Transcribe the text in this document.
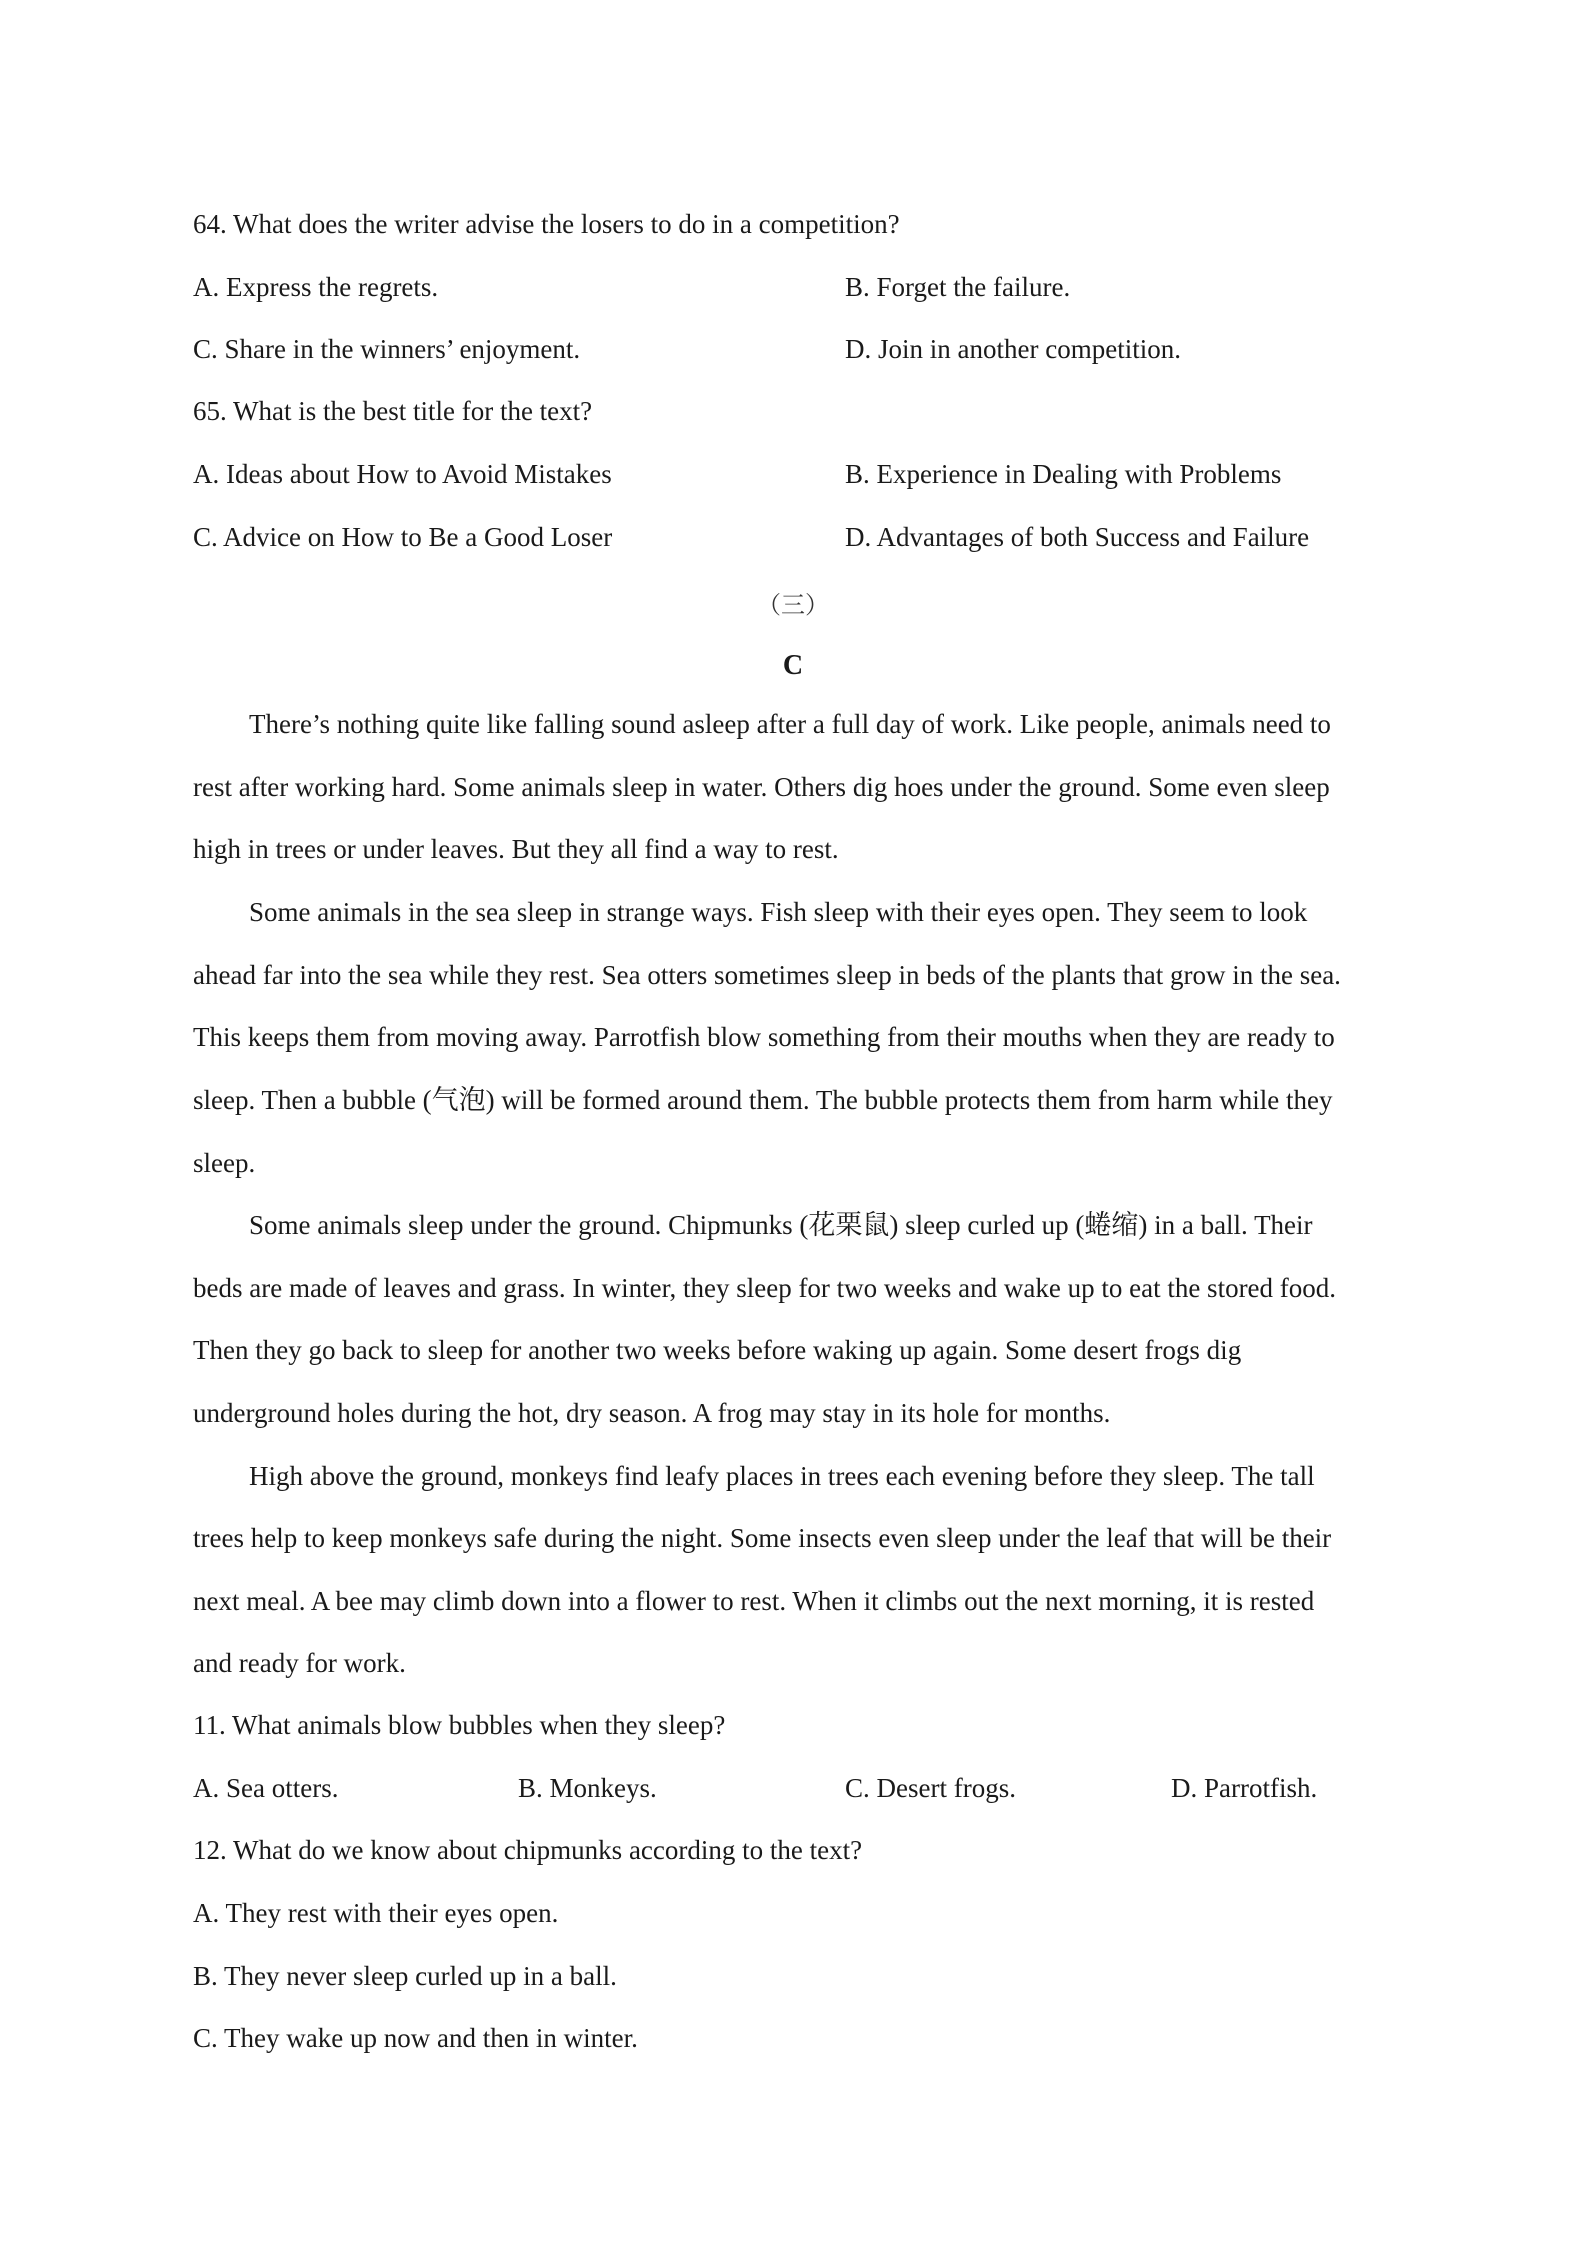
64. What does the writer advise the losers to do in a competition?
A. Express the regrets.	B. Forget the failure.
C. Share in the winners’ enjoyment.	D. Join in another competition.
65. What is the best title for the text?
A. Ideas about How to Avoid Mistakes	B. Experience in Dealing with Problems
C. Advice on How to Be a Good Loser	D. Advantages of both Success and Failure
（三）
C
There’s nothing quite like falling sound asleep after a full day of work. Like people, animals need to
rest after working hard. Some animals sleep in water. Others dig hoes under the ground. Some even sleep
high in trees or under leaves. But they all find a way to rest.
Some animals in the sea sleep in strange ways. Fish sleep with their eyes open. They seem to look
ahead far into the sea while they rest. Sea otters sometimes sleep in beds of the plants that grow in the sea.
This keeps them from moving away. Parrotfish blow something from their mouths when they are ready to
sleep. Then a bubble (气泡) will be formed around them. The bubble protects them from harm while they
sleep.
Some animals sleep under the ground. Chipmunks (花栗鼠) sleep curled up (蜷缩) in a ball. Their
beds are made of leaves and grass. In winter, they sleep for two weeks and wake up to eat the stored food.
Then they go back to sleep for another two weeks before waking up again. Some desert frogs dig
underground holes during the hot, dry season. A frog may stay in its hole for months.
High above the ground, monkeys find leafy places in trees each evening before they sleep. The tall
trees help to keep monkeys safe during the night. Some insects even sleep under the leaf that will be their
next meal. A bee may climb down into a flower to rest. When it climbs out the next morning, it is rested
and ready for work.
11. What animals blow bubbles when they sleep?
A. Sea otters.	B. Monkeys.	C. Desert frogs.	D. Parrotfish.
12. What do we know about chipmunks according to the text?
A. They rest with their eyes open.
B. They never sleep curled up in a ball.
C. They wake up now and then in winter.
